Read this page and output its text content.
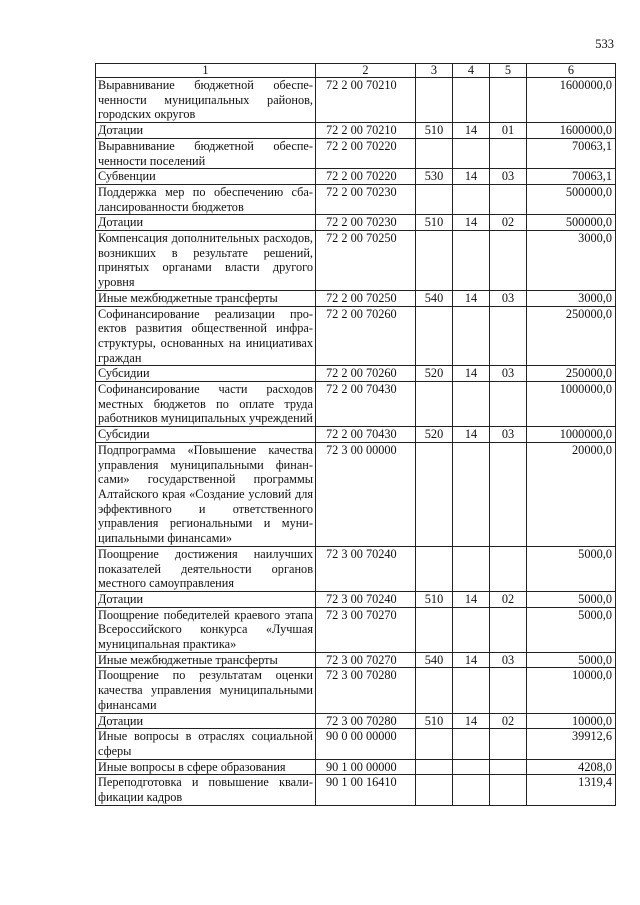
533
1	2	3	4	5	6
Выравнивание бюджетной обеспеченности муниципальных районов, городских округов	72 2 00 70210				1600000,0
Дотации	72 2 00 70210	510	14	01	1600000,0
Выравнивание бюджетной обеспеченности поселений	72 2 00 70220				70063,1
Субвенции	72 2 00 70220	530	14	03	70063,1
Поддержка мер по обеспечению сбалансированности бюджетов	72 2 00 70230				500000,0
Дотации	72 2 00 70230	510	14	02	500000,0
Компенсация дополнительных расходов, возникших в результате решений, принятых органами власти другого уровня	72 2 00 70250				3000,0
Иные межбюджетные трансферты	72 2 00 70250	540	14	03	3000,0
Софинансирование реализации проектов развития общественной инфраструктуры, основанных на инициативах граждан	72 2 00 70260				250000,0
Субсидии	72 2 00 70260	520	14	03	250000,0
Софинансирование части расходов местных бюджетов по оплате труда работников муниципальных учреждений	72 2 00 70430				1000000,0
Субсидии	72 2 00 70430	520	14	03	1000000,0
Подпрограмма «Повышение качества управления муниципальными финансами» государственной программы Алтайского края «Создание условий для эффективного и ответственного управления региональными и муниципальными финансами»	72 3 00 00000				20000,0
Поощрение достижения наилучших показателей деятельности органов местного самоуправления	72 3 00 70240				5000,0
Дотации	72 3 00 70240	510	14	02	5000,0
Поощрение победителей краевого этапа Всероссийского конкурса «Лучшая муниципальная практика»	72 3 00 70270				5000,0
Иные межбюджетные трансферты	72 3 00 70270	540	14	03	5000,0
Поощрение по результатам оценки качества управления муниципальными финансами	72 3 00 70280				10000,0
Дотации	72 3 00 70280	510	14	02	10000,0
Иные вопросы в отраслях социальной сферы	90 0 00 00000				39912,6
Иные вопросы в сфере образования	90 1 00 00000				4208,0
Переподготовка и повышение квалификации кадров	90 1 00 16410				1319,4
